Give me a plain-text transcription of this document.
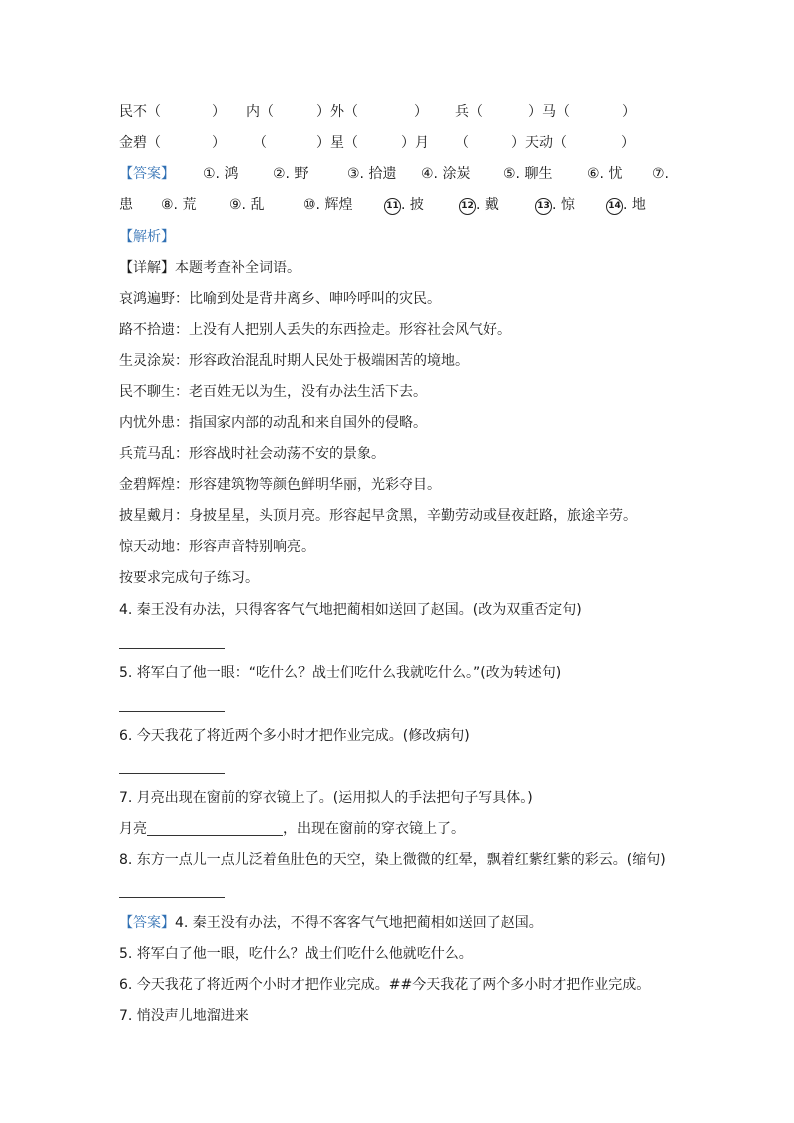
民不（	） 内（	）外（	） 兵（	）马（	）
金碧（	） （	）星（	）月 （	）天动（	）
【答案】 ①. 鸿 ②. 野	③. 拾遗 ④. 涂炭 ⑤. 聊生 ⑥. 忧 ⑦.
患 ⑧. 荒 ⑨. 乱	⑩. 辉煌	11 . 披	12 . 戴	13 . 惊	14 . 地
【解析】
【详解】本题考查补全词语。
哀鸿遍野：比喻到处是背井离乡、呻吟呼叫的灾民。
路不拾遗：上没有人把别人丢失的东西捡走。形容社会风气好。
生灵涂炭：形容政治混乱时期人民处于极端困苦的境地。
民不聊生：老百姓无以为生，没有办法生活下去。
内忧外患：指国家内部的动乱和来自国外的侵略。
兵荒马乱：形容战时社会动荡不安的景象。
金碧辉煌：形容建筑物等颜色鲜明华丽，光彩夺目。
披星戴月：身披星星，头顶月亮。形容起早贪黑，辛勤劳动或昼夜赶路，旅途辛劳。
惊天动地：形容声音特别响亮。
按要求完成句子练习。
4. 秦王没有办法，只得客客气气地把蔺相如送回了赵国。(改为双重否定句)
5. 将军白了他一眼：“吃什么？战士们吃什么我就吃什么。”(改为转述句)
6. 今天我花了将近两个多小时才把作业完成。(修改病句)
7. 月亮出现在窗前的穿衣镜上了。(运用拟人的手法把句子写具体。)
月亮	，出现在窗前的穿衣镜上了。
8. 东方一点儿一点儿泛着鱼肚色的天空，染上微微的红晕，飘着红紫红紫的彩云。(缩句)
【答案】4. 秦王没有办法，不得不客客气气地把蔺相如送回了赵国。
5. 将军白了他一眼，吃什么？战士们吃什么他就吃什么。
6. 今天我花了将近两个小时才把作业完成。##今天我花了两个多小时才把作业完成。
7. 悄没声儿地溜进来
